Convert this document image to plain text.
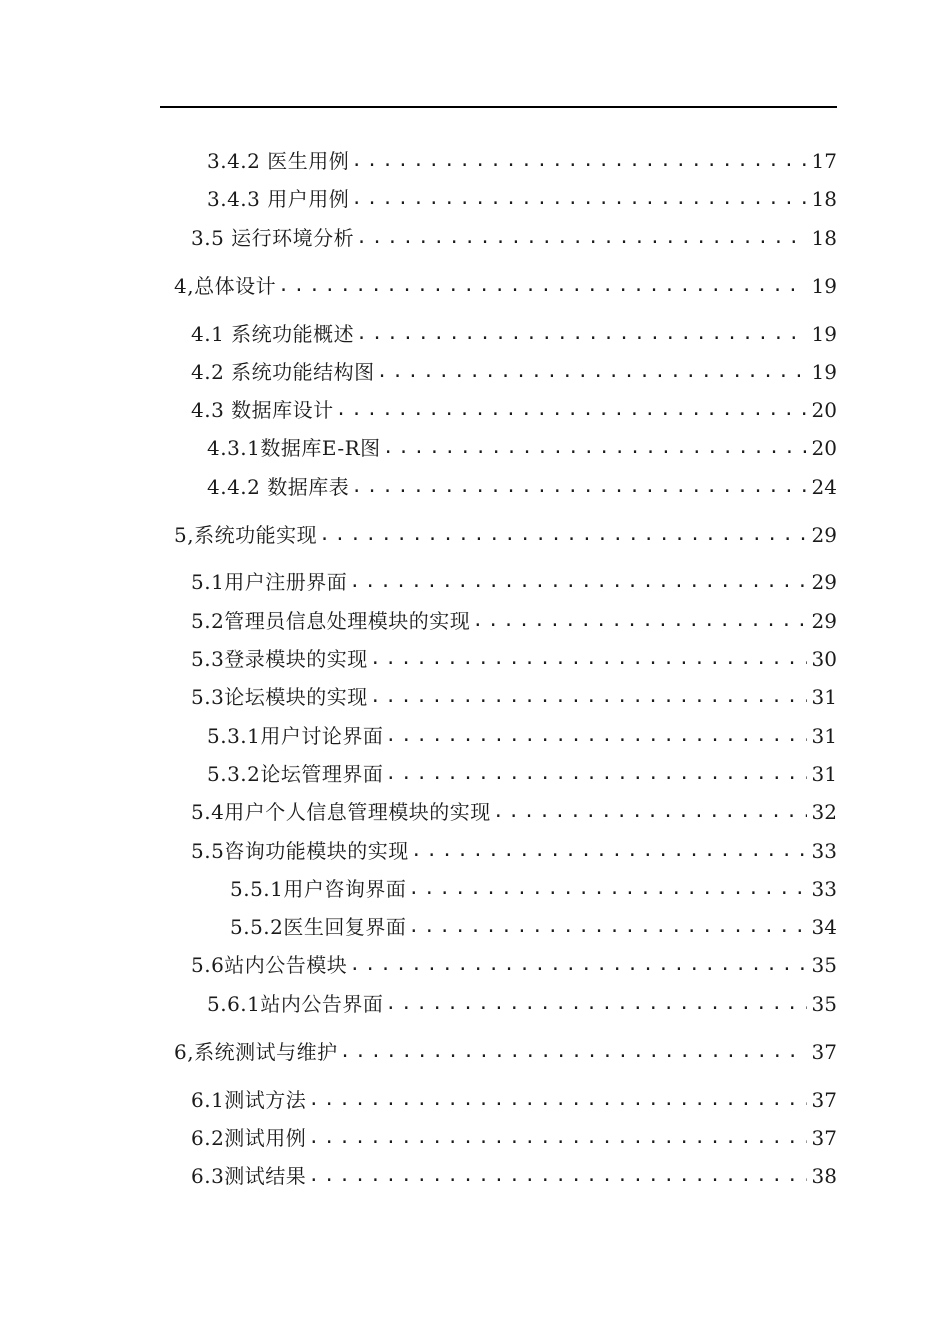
3.4.2 医生用例 .....	17
3.4.3 用户用例 .....	18
3.5 运行环境分析 .....	18
4,总体设计 .....	19
4.1 系统功能概述 .....	19
4.2 系统功能结构图 .....	19
4.3 数据库设计 .....	20
4.3.1数据库E-R图 .....	20
4.4.2 数据库表 .....	24
5,系统功能实现 .....	29
5.1用户注册界面 .....	29
5.2管理员信息处理模块的实现 .....	29
5.3登录模块的实现 .....	30
5.3论坛模块的实现 .....	31
5.3.1用户讨论界面 .....	31
5.3.2论坛管理界面 .....	31
5.4用户个人信息管理模块的实现 .....	32
5.5咨询功能模块的实现 .....	33
5.5.1用户咨询界面 .....	33
5.5.2医生回复界面 .....	34
5.6站内公告模块 .....	35
5.6.1站内公告界面 .....	35
6,系统测试与维护 .....	37
6.1测试方法 .....	37
6.2测试用例 .....	37
6.3测试结果 .....	38
